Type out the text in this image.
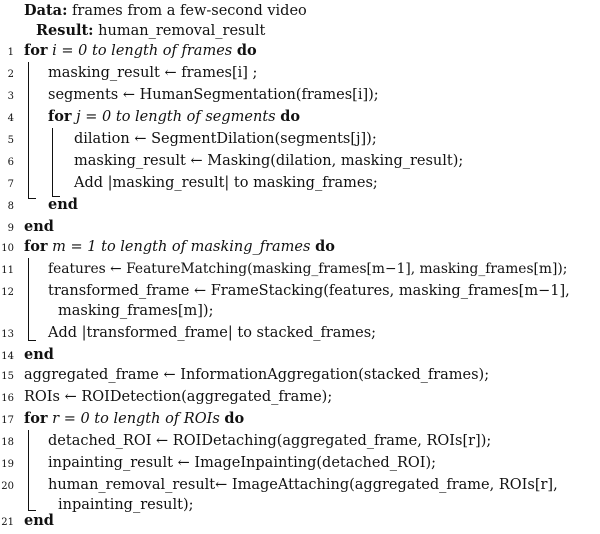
Data: frames from a few-second video
Result: human_removal_result
1 for i = 0 to length of frames do
2 masking_result ← frames[i] ;
3 segments ← HumanSegmentation(frames[i]);
4 for j = 0 to length of segments do
5	dilation ← SegmentDilation(segments[j]);
6	masking_result ← Masking(dilation, masking_result);
7	Add |masking_result| to masking_frames;
8 end
9 end
10 for m = 1 to length of masking_frames do
11 features ← FeatureMatching(masking_frames[m−1], masking_frames[m]);
12 transformed_frame ← FrameStacking(features, masking_frames[m−1],
masking_frames[m]);
13 Add |transformed_frame| to stacked_frames;
14 end
15 aggregated_frame ← InformationAggregation(stacked_frames);
16 ROIs ← ROIDetection(aggregated_frame);
17 for r = 0 to length of ROIs do
18 detached_ROI ← ROIDetaching(aggregated_frame, ROIs[r]);
19 inpainting_result ← ImageInpainting(detached_ROI);
20 human_removal_result← ImageAttaching(aggregated_frame, ROIs[r],
inpainting_result);
21 end
